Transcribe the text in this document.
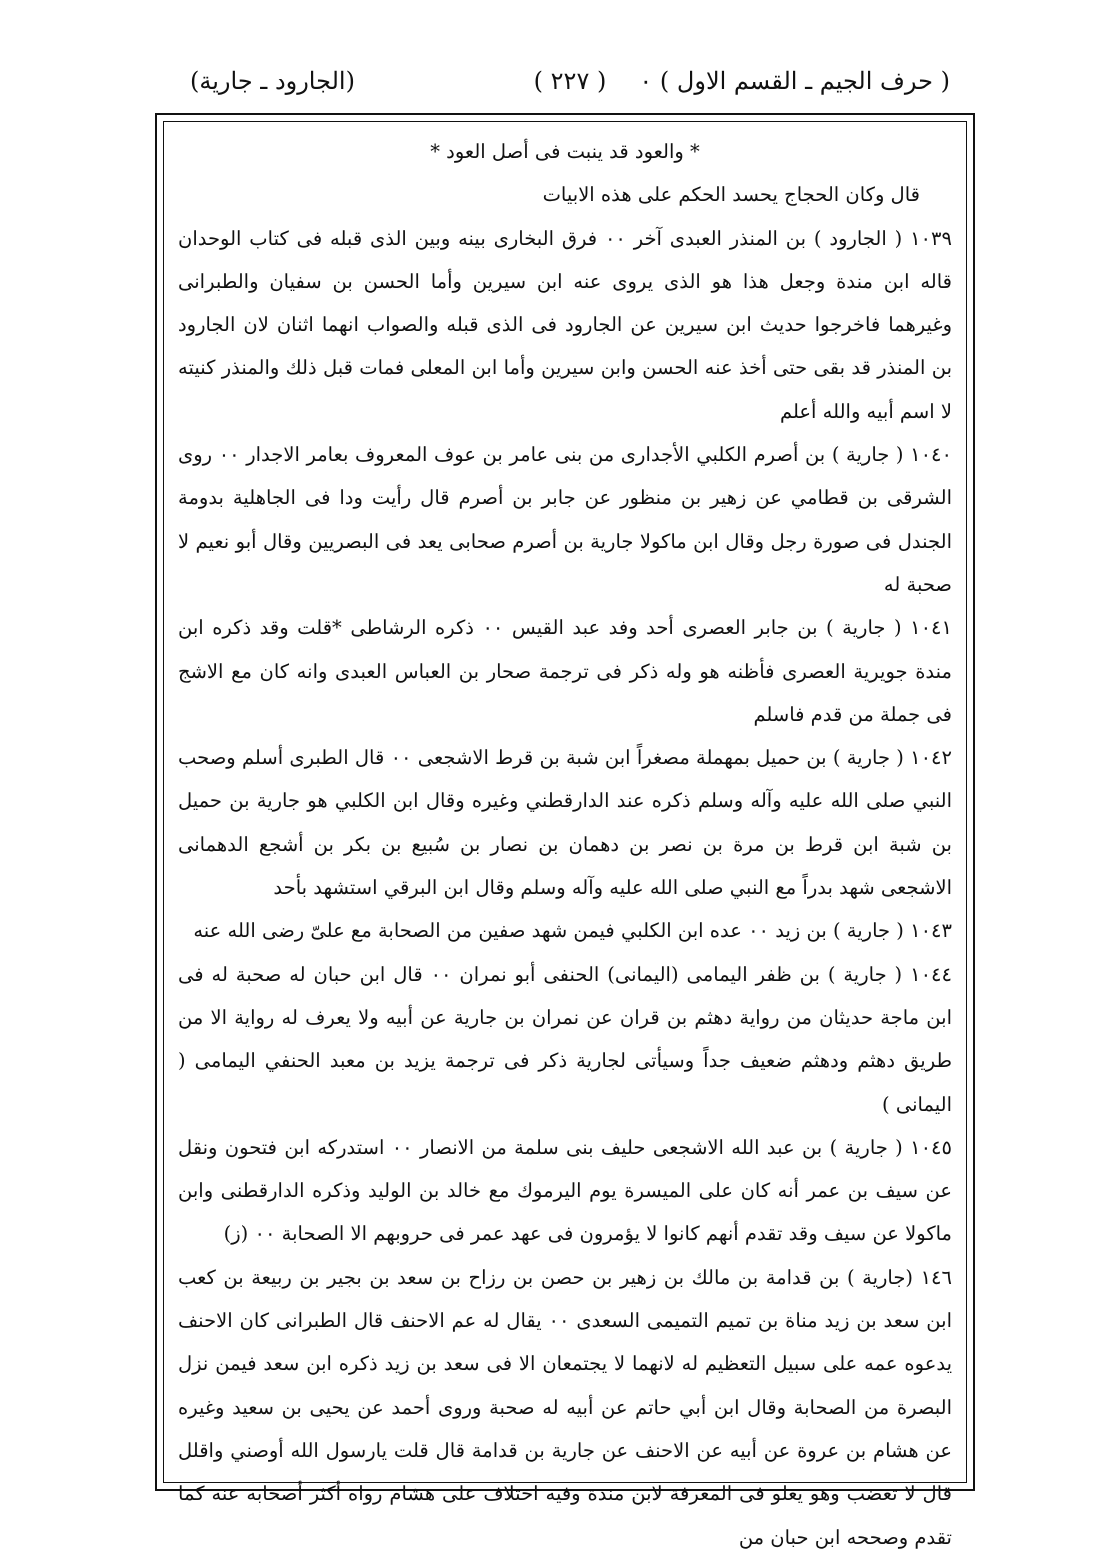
( حرف الجيم ـ القسم الاول ) ٠
( ٢٢٧ )
(الجارود ـ جارية)

* والعود قد ينبت فى أصل العود *

قال وكان الحجاج يحسد الحكم على هذه الابيات

١٠٣٩ ( الجارود ) بن المنذر العبدى آخر ٠٠ فرق البخارى بينه وبين الذى قبله فى كتاب الوحدان قاله ابن مندة وجعل هذا هو الذى يروى عنه ابن سيرين وأما الحسن بن سفيان والطبرانى وغيرهما فاخرجوا حديث ابن سيرين عن الجارود فى الذى قبله والصواب انهما اثنان لان الجارود بن المنذر قد بقى حتى أخذ عنه الحسن وابن سيرين وأما ابن المعلى فمات قبل ذلك والمنذر كنيته لا اسم أبيه والله أعلم

١٠٤٠ ( جارية ) بن أصرم الكلبي الأجدارى من بنى عامر بن عوف المعروف بعامر الاجدار ٠٠ روى الشرقى بن قطامي عن زهير بن منظور عن جابر بن أصرم قال رأيت ودا فى الجاهلية بدومة الجندل فى صورة رجل وقال ابن ماكولا جارية بن أصرم صحابى يعد فى البصريين وقال أبو نعيم لا صحبة له

١٠٤١ ( جارية ) بن جابر العصرى أحد وفد عبد القيس ٠٠ ذكره الرشاطى *قلت وقد ذكره ابن مندة جويرية العصرى فأظنه هو وله ذكر فى ترجمة صحار بن العباس العبدى وانه كان مع الاشج فى جملة من قدم فاسلم

١٠٤٢ ( جارية ) بن حميل بمهملة مصغراً ابن شبة بن قرط الاشجعى ٠٠ قال الطبرى أسلم وصحب النبي صلى الله عليه وآله وسلم ذكره عند الدارقطني وغيره وقال ابن الكلبي هو جارية بن حميل بن شبة ابن قرط بن مرة بن نصر بن دهمان بن نصار بن سُبيع بن بكر بن أشجع الدهمانى الاشجعى شهد بدراً مع النبي صلى الله عليه وآله وسلم وقال ابن البرقي استشهد بأحد

١٠٤٣ ( جارية ) بن زيد ٠٠ عده ابن الكلبي فيمن شهد صفين من الصحابة مع علىّ رضى الله عنه

١٠٤٤ ( جارية ) بن ظفر اليمامى (اليمانى) الحنفى أبو نمران ٠٠ قال ابن حبان له صحبة له فى ابن ماجة حديثان من رواية دهثم بن قران عن نمران بن جارية عن أبيه ولا يعرف له رواية الا من طريق دهثم ودهثم ضعيف جداً وسيأتى لجارية ذكر فى ترجمة يزيد بن معبد الحنفي اليمامى ( اليمانى )

١٠٤٥ ( جارية ) بن عبد الله الاشجعى حليف بنى سلمة من الانصار ٠٠ استدركه ابن فتحون ونقل عن سيف بن عمر أنه كان على الميسرة يوم اليرموك مع خالد بن الوليد وذكره الدارقطنى وابن ماكولا عن سيف وقد تقدم أنهم كانوا لا يؤمرون فى عهد عمر فى حروبهم الا الصحابة ٠٠ (ز)

١٤٦ (جارية ) بن قدامة بن مالك بن زهير بن حصن بن رزاح بن سعد بن بجير بن ربيعة بن كعب ابن سعد بن زيد مناة بن تميم التميمى السعدى ٠٠ يقال له عم الاحنف قال الطبرانى كان الاحنف يدعوه عمه على سبيل التعظيم له لانهما لا يجتمعان الا فى سعد بن زيد ذكره ابن سعد فيمن نزل البصرة من الصحابة وقال ابن أبي حاتم عن أبيه له صحبة وروى أحمد عن يحيى بن سعيد وغيره عن هشام بن عروة عن أبيه عن الاحنف عن جارية بن قدامة قال قلت يارسول الله أوصني واقلل قال لا تغضب وهو يعلو فى المعرفة لابن مندة وفيه اختلاف على هشام رواه أكثر أصحابه عنه كما تقدم وصححه ابن حبان من
